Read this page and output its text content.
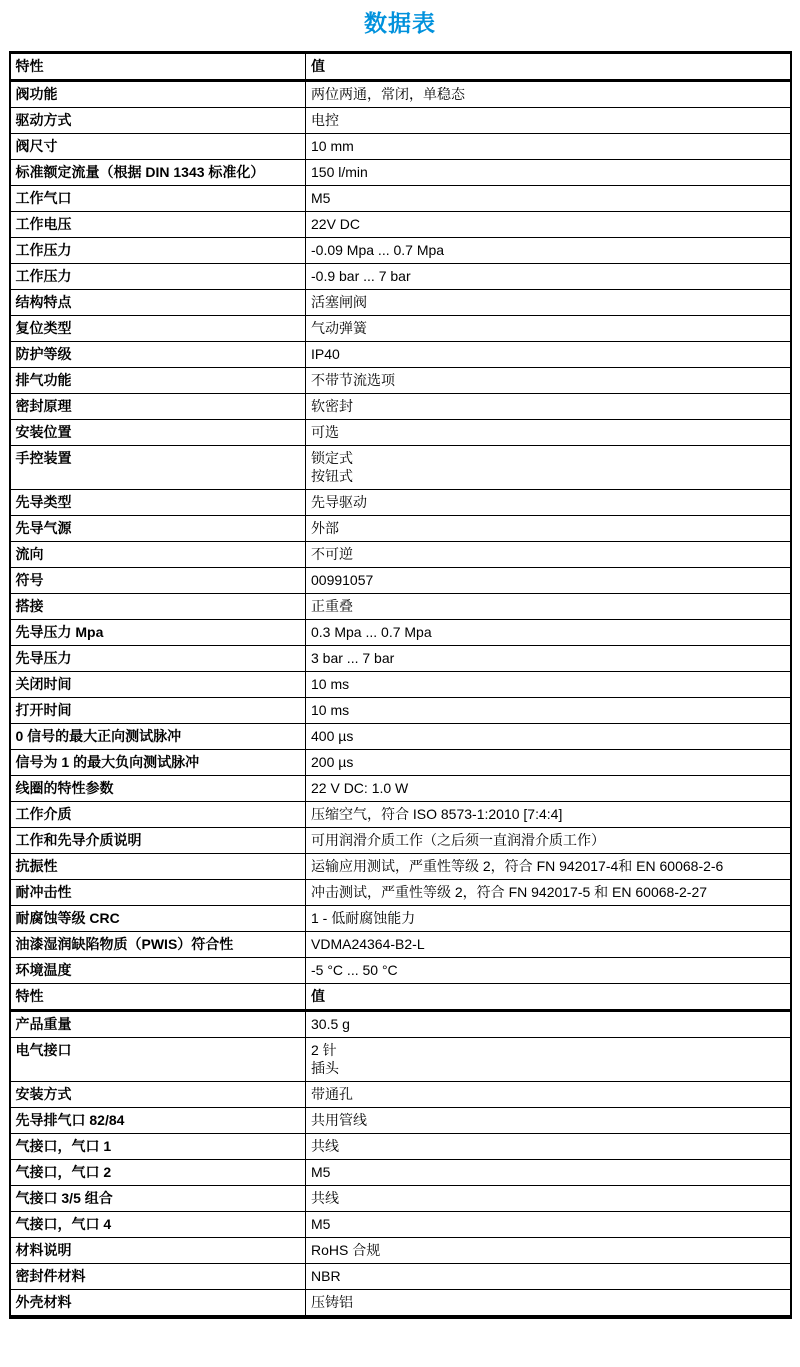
数据表
特性	值

阀功能	两位两通，常闭，单稳态

驱动方式	电控

阀尺寸	10 mm

标准额定流量（根据 DIN 1343 标准化）	150 l/min

工作气口	M5

工作电压	22V DC

工作压力	-0.09 Mpa ... 0.7 Mpa

工作压力	-0.9 bar ... 7 bar

结构特点	活塞闸阀

复位类型	气动弹簧

防护等级	IP40

排气功能	不带节流选项

密封原理	软密封

安装位置	可选

手控装置	锁定式
按钮式

先导类型	先导驱动

先导气源	外部

流向	不可逆

符号	00991057

搭接	正重叠

先导压力 Mpa	0.3 Mpa ... 0.7 Mpa

先导压力	3 bar ... 7 bar

关闭时间	10 ms

打开时间	10 ms

0 信号的最大正向测试脉冲	400 µs

信号为 1 的最大负向测试脉冲	200 µs

线圈的特性参数	22 V DC: 1.0 W

工作介质	压缩空气，符合 ISO 8573-1:2010 [7:4:4]

工作和先导介质说明	可用润滑介质工作（之后须一直润滑介质工作）

抗振性	运输应用测试，严重性等级 2，符合 FN 942017-4和 EN 60068-2-6

耐冲击性	冲击测试，严重性等级 2，符合 FN 942017-5 和 EN 60068-2-27

耐腐蚀等级 CRC	1 - 低耐腐蚀能力

油漆湿润缺陷物质（PWIS）符合性	VDMA24364-B2-L

环境温度	-5 °C ... 50 °C

特性	值

产品重量	30.5 g

电气接口	2 针
插头

安装方式	带通孔

先导排气口 82/84	共用管线

气接口，气口 1	共线

气接口，气口 2	M5

气接口 3/5 组合	共线

气接口，气口 4	M5

材料说明	RoHS 合规

密封件材料	NBR

外壳材料	压铸铝
